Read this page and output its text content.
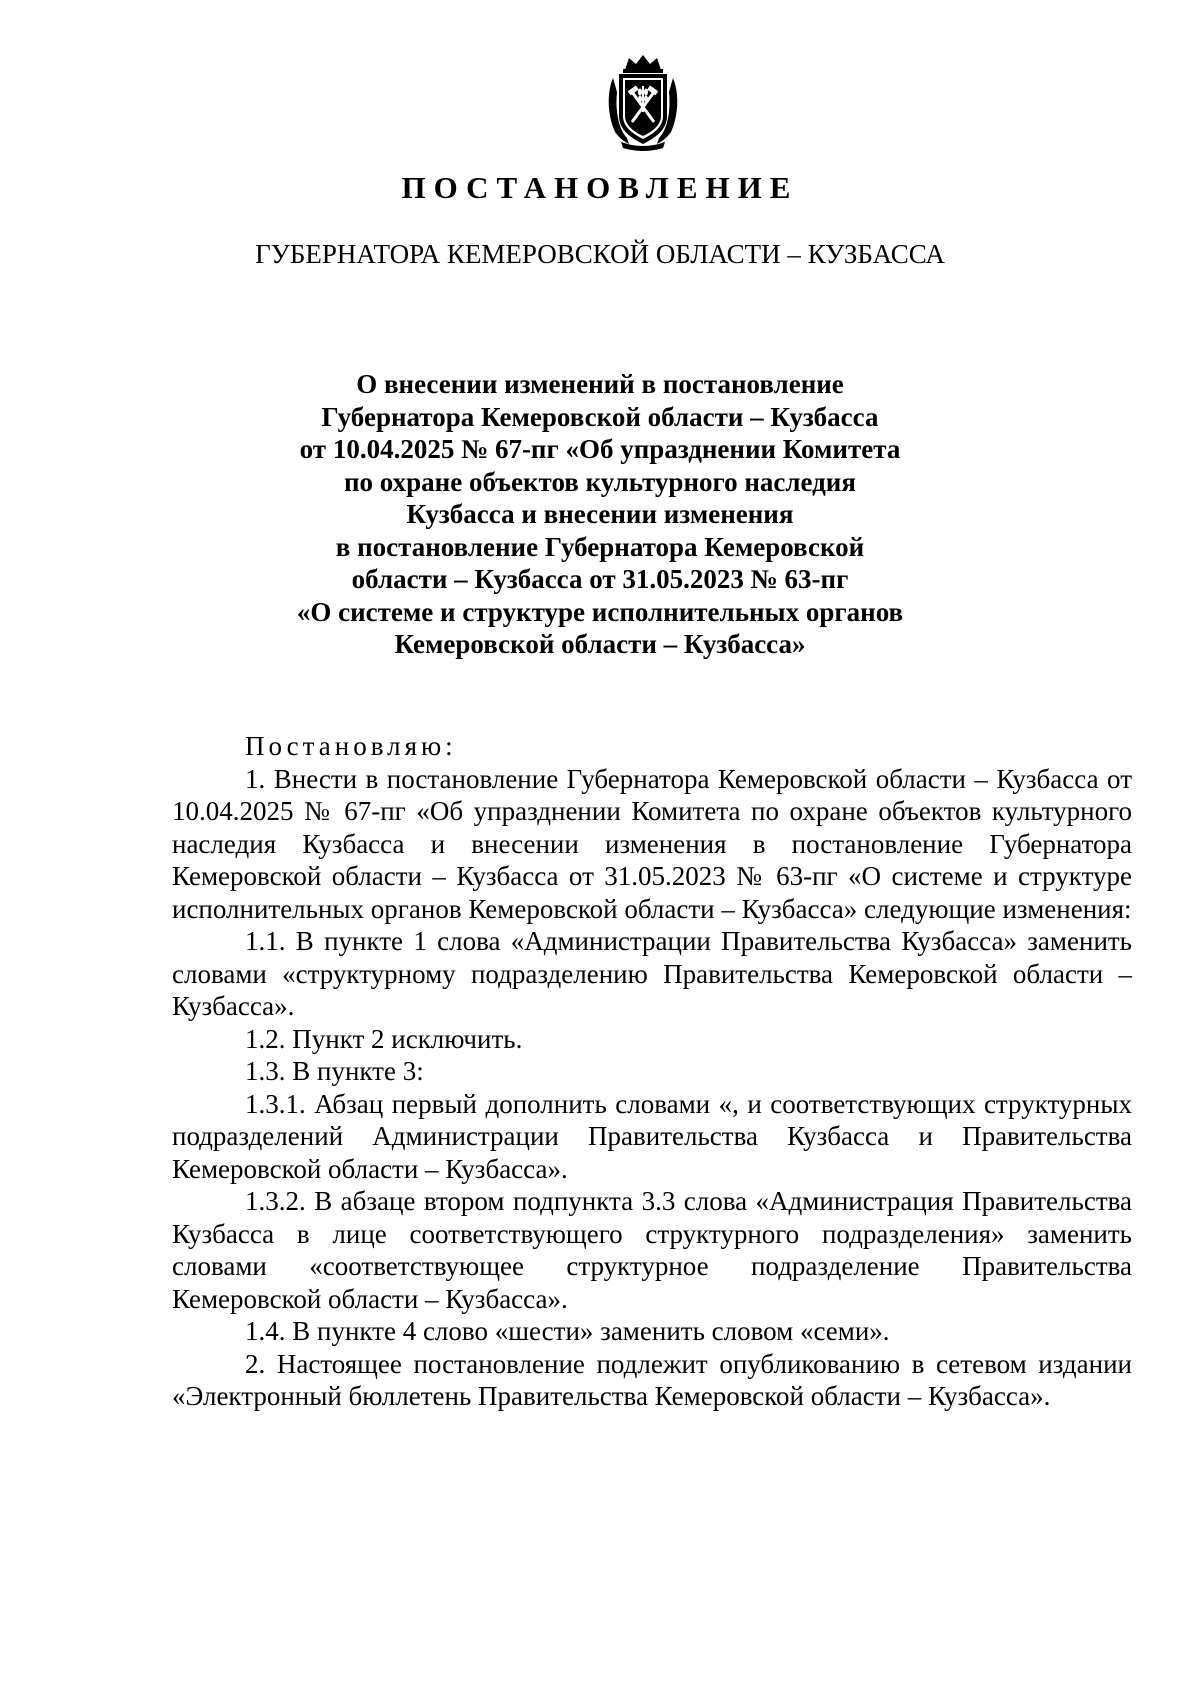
ПОСТАНОВЛЕНИЕ
ГУБЕРНАТОРА КЕМЕРОВСКОЙ ОБЛАСТИ – КУЗБАССА
О внесении изменений в постановление
Губернатора Кемеровской области – Кузбасса
от 10.04.2025 № 67-пг «Об упразднении Комитета
по охране объектов культурного наследия
Кузбасса и внесении изменения
в постановление Губернатора Кемеровской
области – Кузбасса от 31.05.2023 № 63-пг
«О системе и структуре исполнительных органов
Кемеровской области – Кузбасса»

Постановляю:

1. Внести в постановление Губернатора Кемеровской области – Кузбасса от 10.04.2025 № 67-пг «Об упразднении Комитета по охране объектов культурного наследия Кузбасса и внесении изменения в постановление Губернатора Кемеровской области – Кузбасса от 31.05.2023 № 63-пг «О системе и структуре исполнительных органов Кемеровской области – Кузбасса» следующие изменения:

1.1. В пункте 1 слова «Администрации Правительства Кузбасса» заменить словами «структурному подразделению Правительства Кемеровской области – Кузбасса».

1.2. Пункт 2 исключить.

1.3. В пункте 3:

1.3.1. Абзац первый дополнить словами «, и соответствующих структурных подразделений Администрации Правительства Кузбасса и Правительства Кемеровской области – Кузбасса».

1.3.2. В абзаце втором подпункта 3.3 слова «Администрация Правительства Кузбасса в лице соответствующего структурного подразделения» заменить словами «соответствующее структурное подразделение Правительства Кемеровской области – Кузбасса».

1.4. В пункте 4 слово «шести» заменить словом «семи».

2. Настоящее постановление подлежит опубликованию в сетевом издании «Электронный бюллетень Правительства Кемеровской области – Кузбасса».
